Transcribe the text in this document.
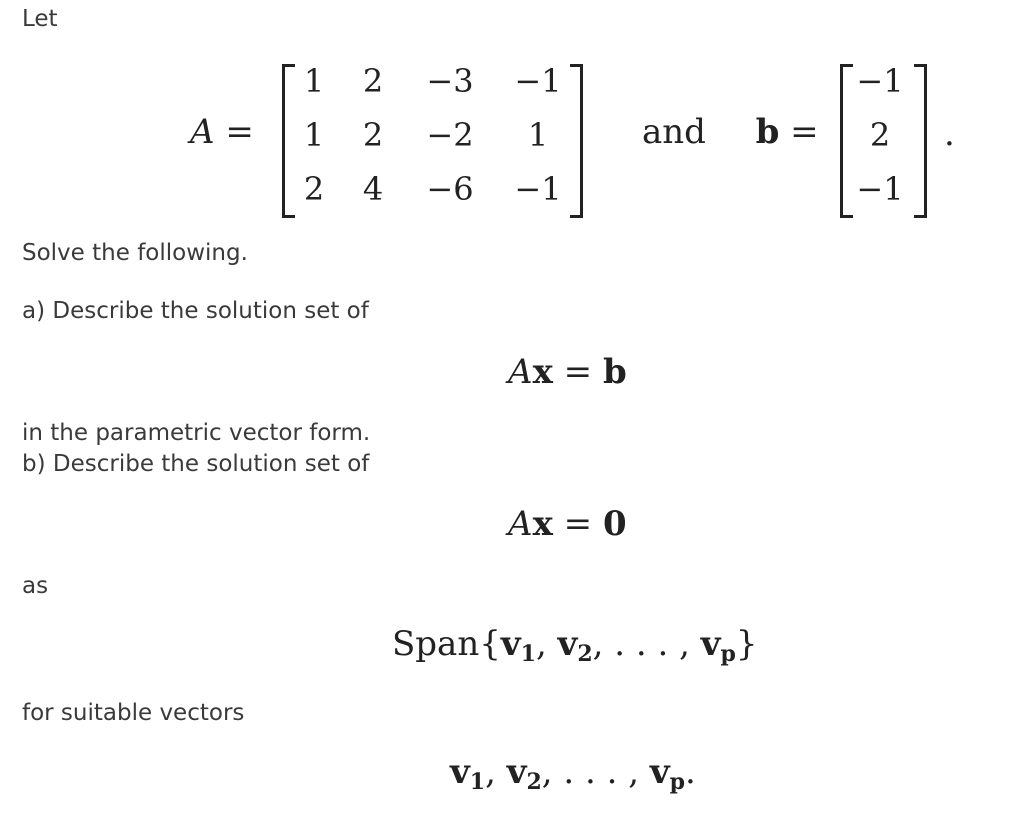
Let

A =
1	2	−3	−1
1	2	−2	1
2	4	−6	−1
and b =
−1
2
−1
.

Solve the following.

a) Describe the solution set of

Ax = b

in the parametric vector form.

b) Describe the solution set of

Ax = 0

as

$Span\{v_1$, $v_2$, . . . , $v_p$}

for suitable vectors

$v_1$, $v_2$, . . . , $v_p$.
